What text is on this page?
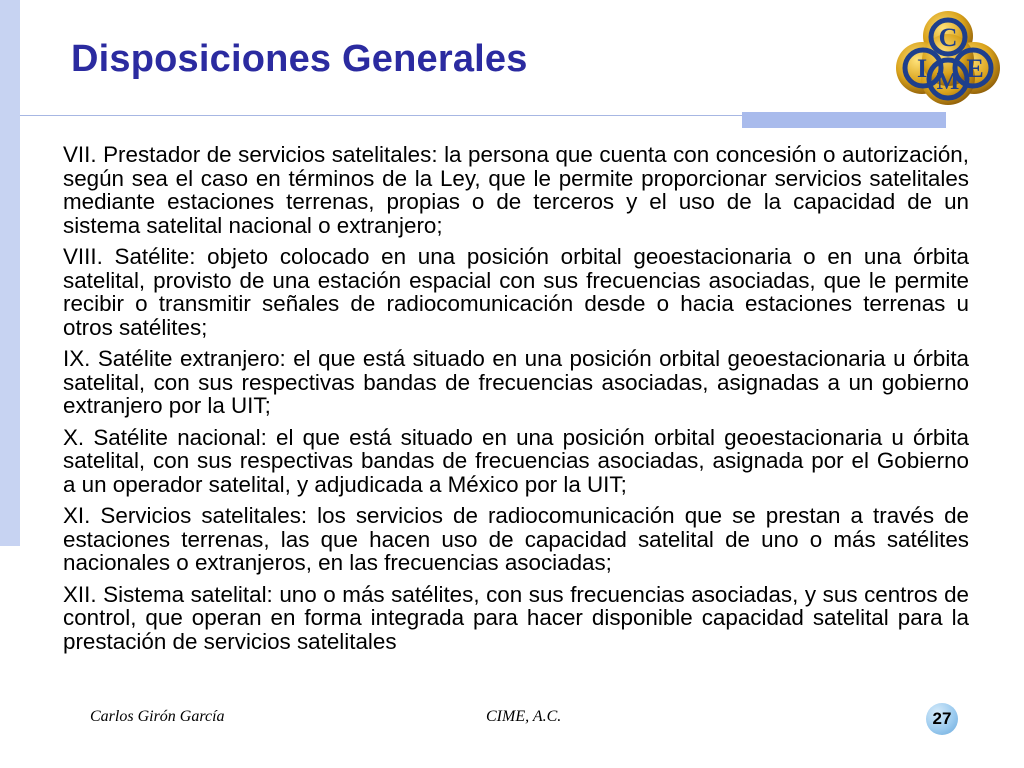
Disposiciones Generales
C
I M E

VII. Prestador de servicios satelitales: la persona que cuenta con concesión o autorización, según sea el caso en términos de la Ley, que le permite proporcionar servicios satelitales mediante estaciones terrenas, propias o de terceros y el uso de la capacidad de un sistema satelital nacional o extranjero;

VIII. Satélite: objeto colocado en una posición orbital geoestacionaria o en una órbita satelital, provisto de una estación espacial con sus frecuencias asociadas, que le permite recibir o transmitir señales de radiocomunicación desde o hacia estaciones terrenas u otros satélites;

IX. Satélite extranjero: el que está situado en una posición orbital geoestacionaria u órbita satelital, con sus respectivas bandas de frecuencias asociadas, asignadas a un gobierno extranjero por la UIT;

X. Satélite nacional: el que está situado en una posición orbital geoestacionaria u órbita satelital, con sus respectivas bandas de frecuencias asociadas, asignada por el Gobierno a un operador satelital, y adjudicada a México por la UIT;

XI. Servicios satelitales: los servicios de radiocomunicación que se prestan a través de estaciones terrenas, las que hacen uso de capacidad satelital de uno o más satélites nacionales o extranjeros, en las frecuencias asociadas;

XII. Sistema satelital: uno o más satélites, con sus frecuencias asociadas, y sus centros de control, que operan en forma integrada para hacer disponible capacidad satelital para la prestación de servicios satelitales

Carlos Girón García	CIME, A.C.	27
